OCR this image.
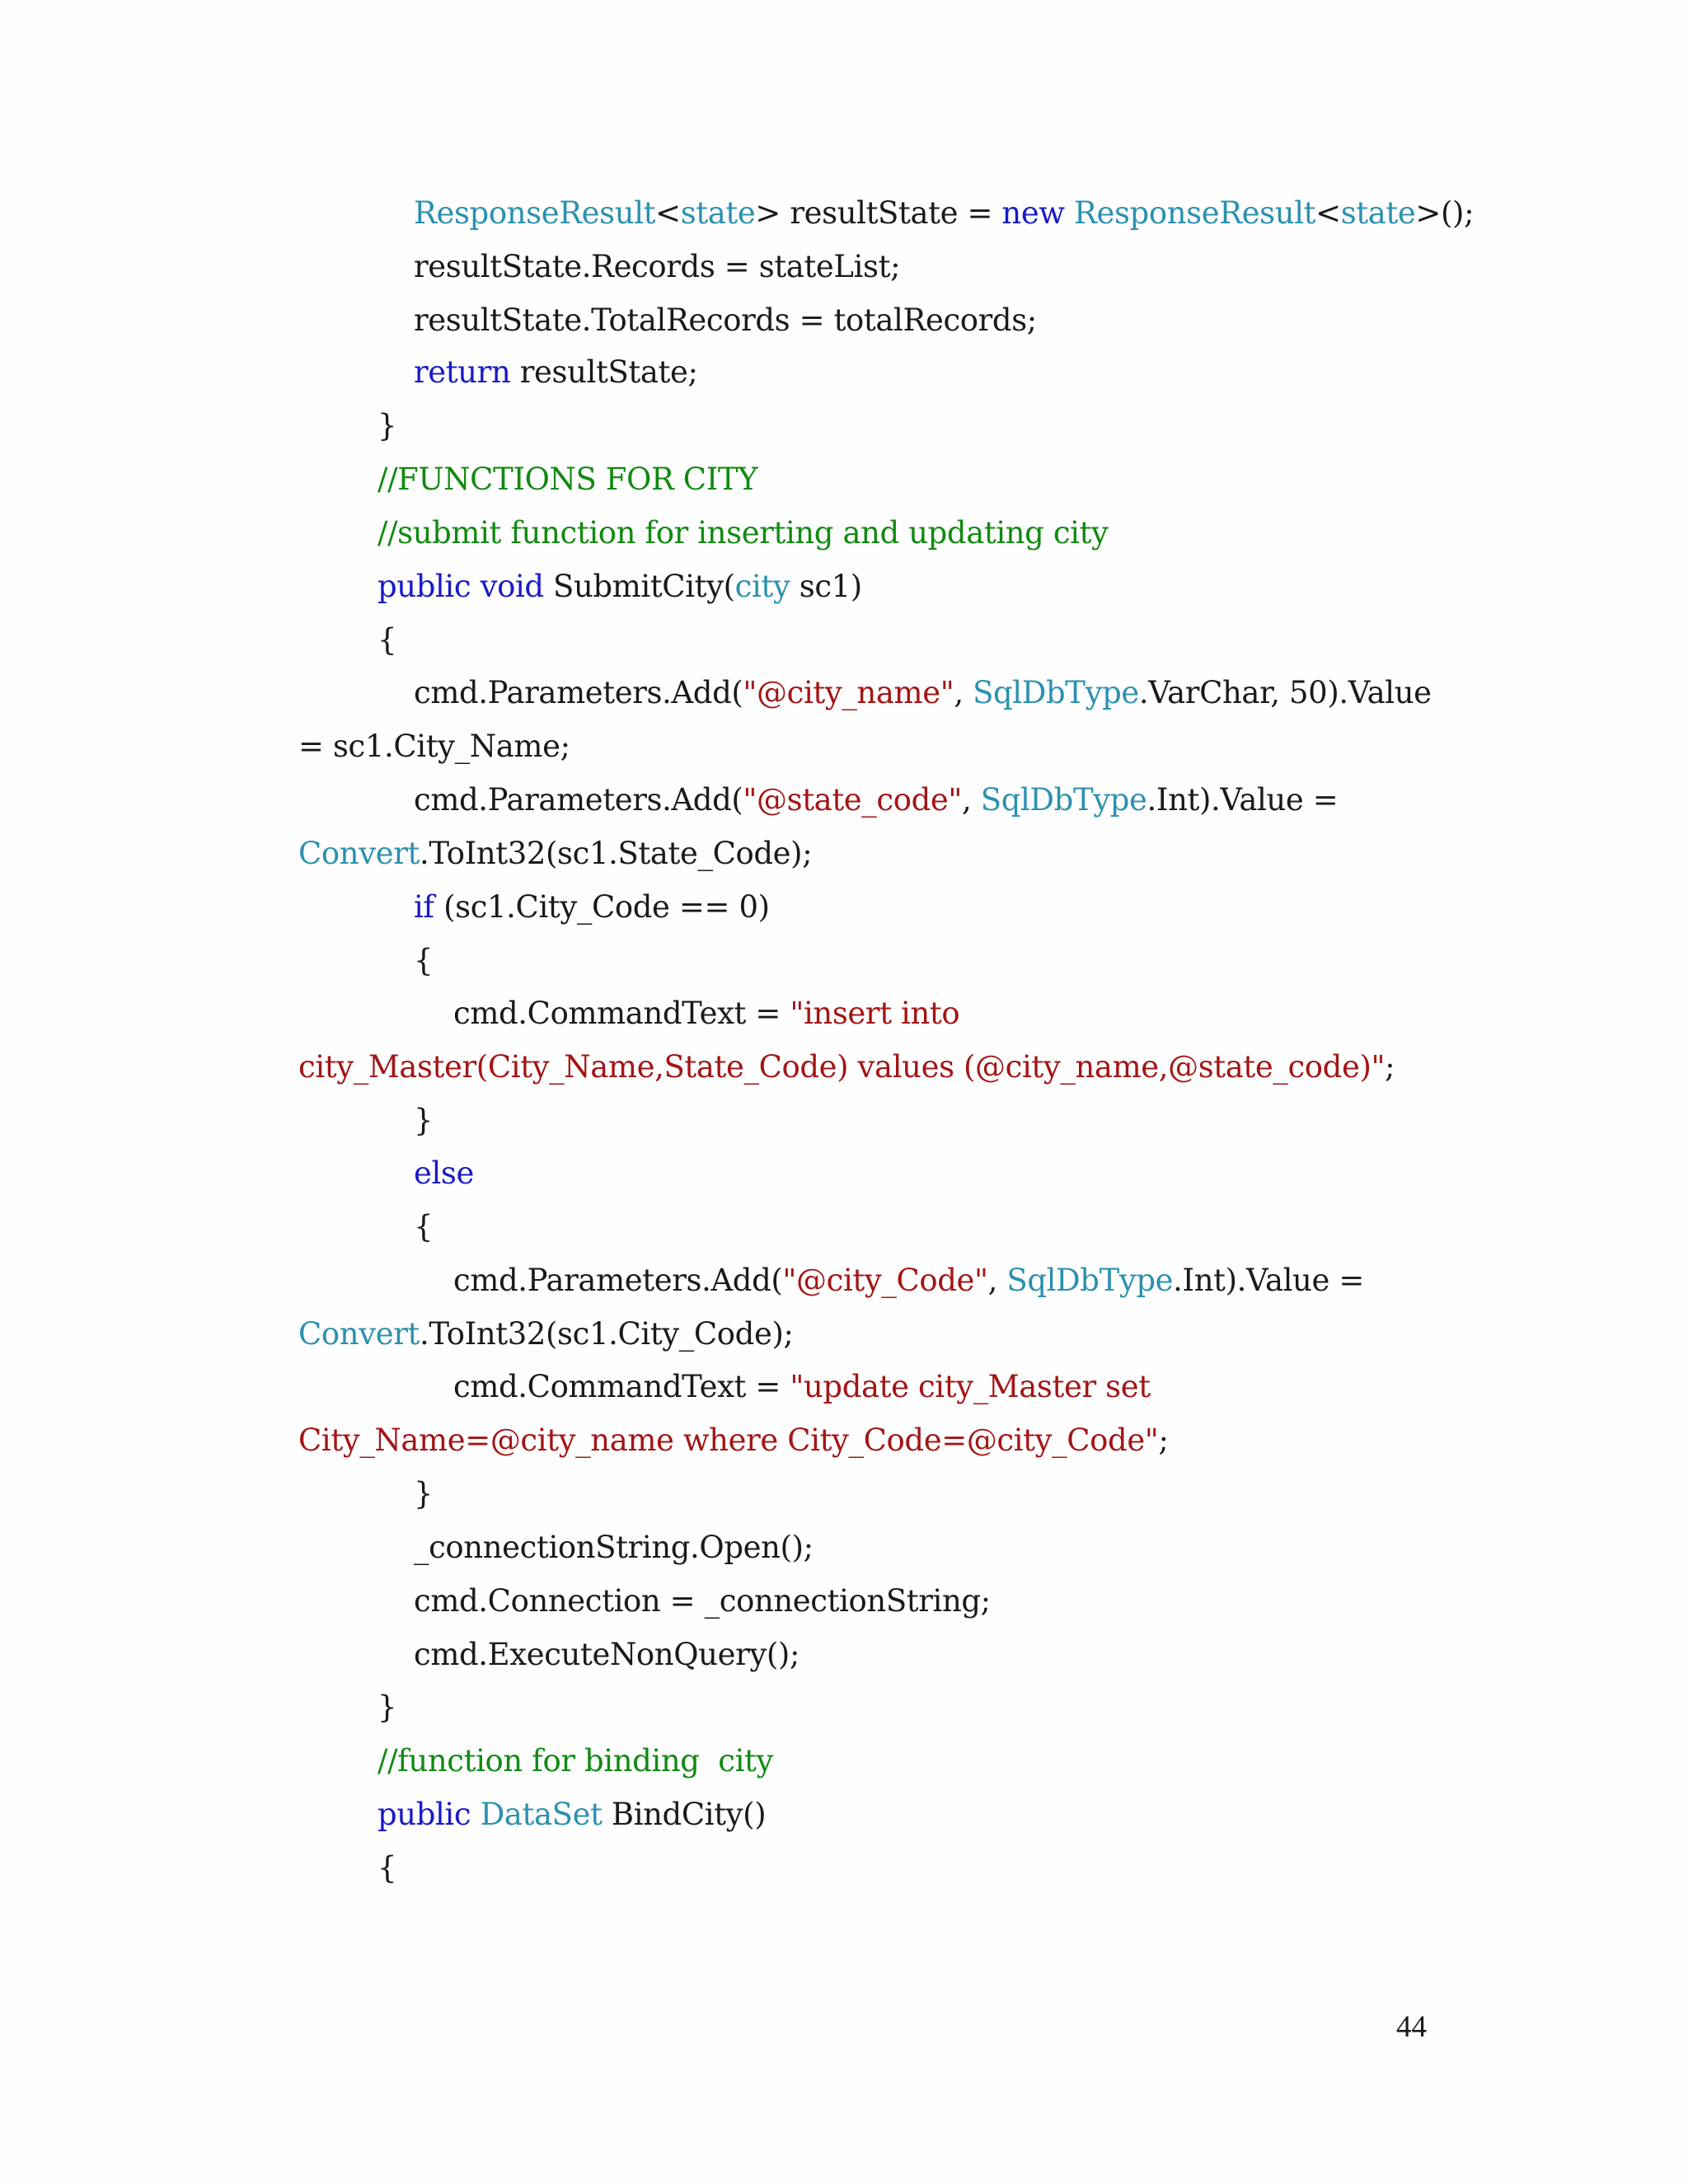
ResponseResult<state> resultState = new ResponseResult<state>();
resultState.Records = stateList;
resultState.TotalRecords = totalRecords;
return resultState;
}
//FUNCTIONS FOR CITY
//submit function for inserting and updating city
public void SubmitCity(city sc1)
{
cmd.Parameters.Add("@city_name", SqlDbType.VarChar, 50).Value
= sc1.City_Name;
cmd.Parameters.Add("@state_code", SqlDbType.Int).Value =
Convert.ToInt32(sc1.State_Code);
if (sc1.City_Code == 0)
{
cmd.CommandText = "insert into
city_Master(City_Name,State_Code) values (@city_name,@state_code)";
}
else
{
cmd.Parameters.Add("@city_Code", SqlDbType.Int).Value =
Convert.ToInt32(sc1.City_Code);
cmd.CommandText = "update city_Master set
City_Name=@city_name where City_Code=@city_Code";
}
_connectionString.Open();
cmd.Connection = _connectionString;
cmd.ExecuteNonQuery();
}
//function for binding  city
public DataSet BindCity()
{
44
